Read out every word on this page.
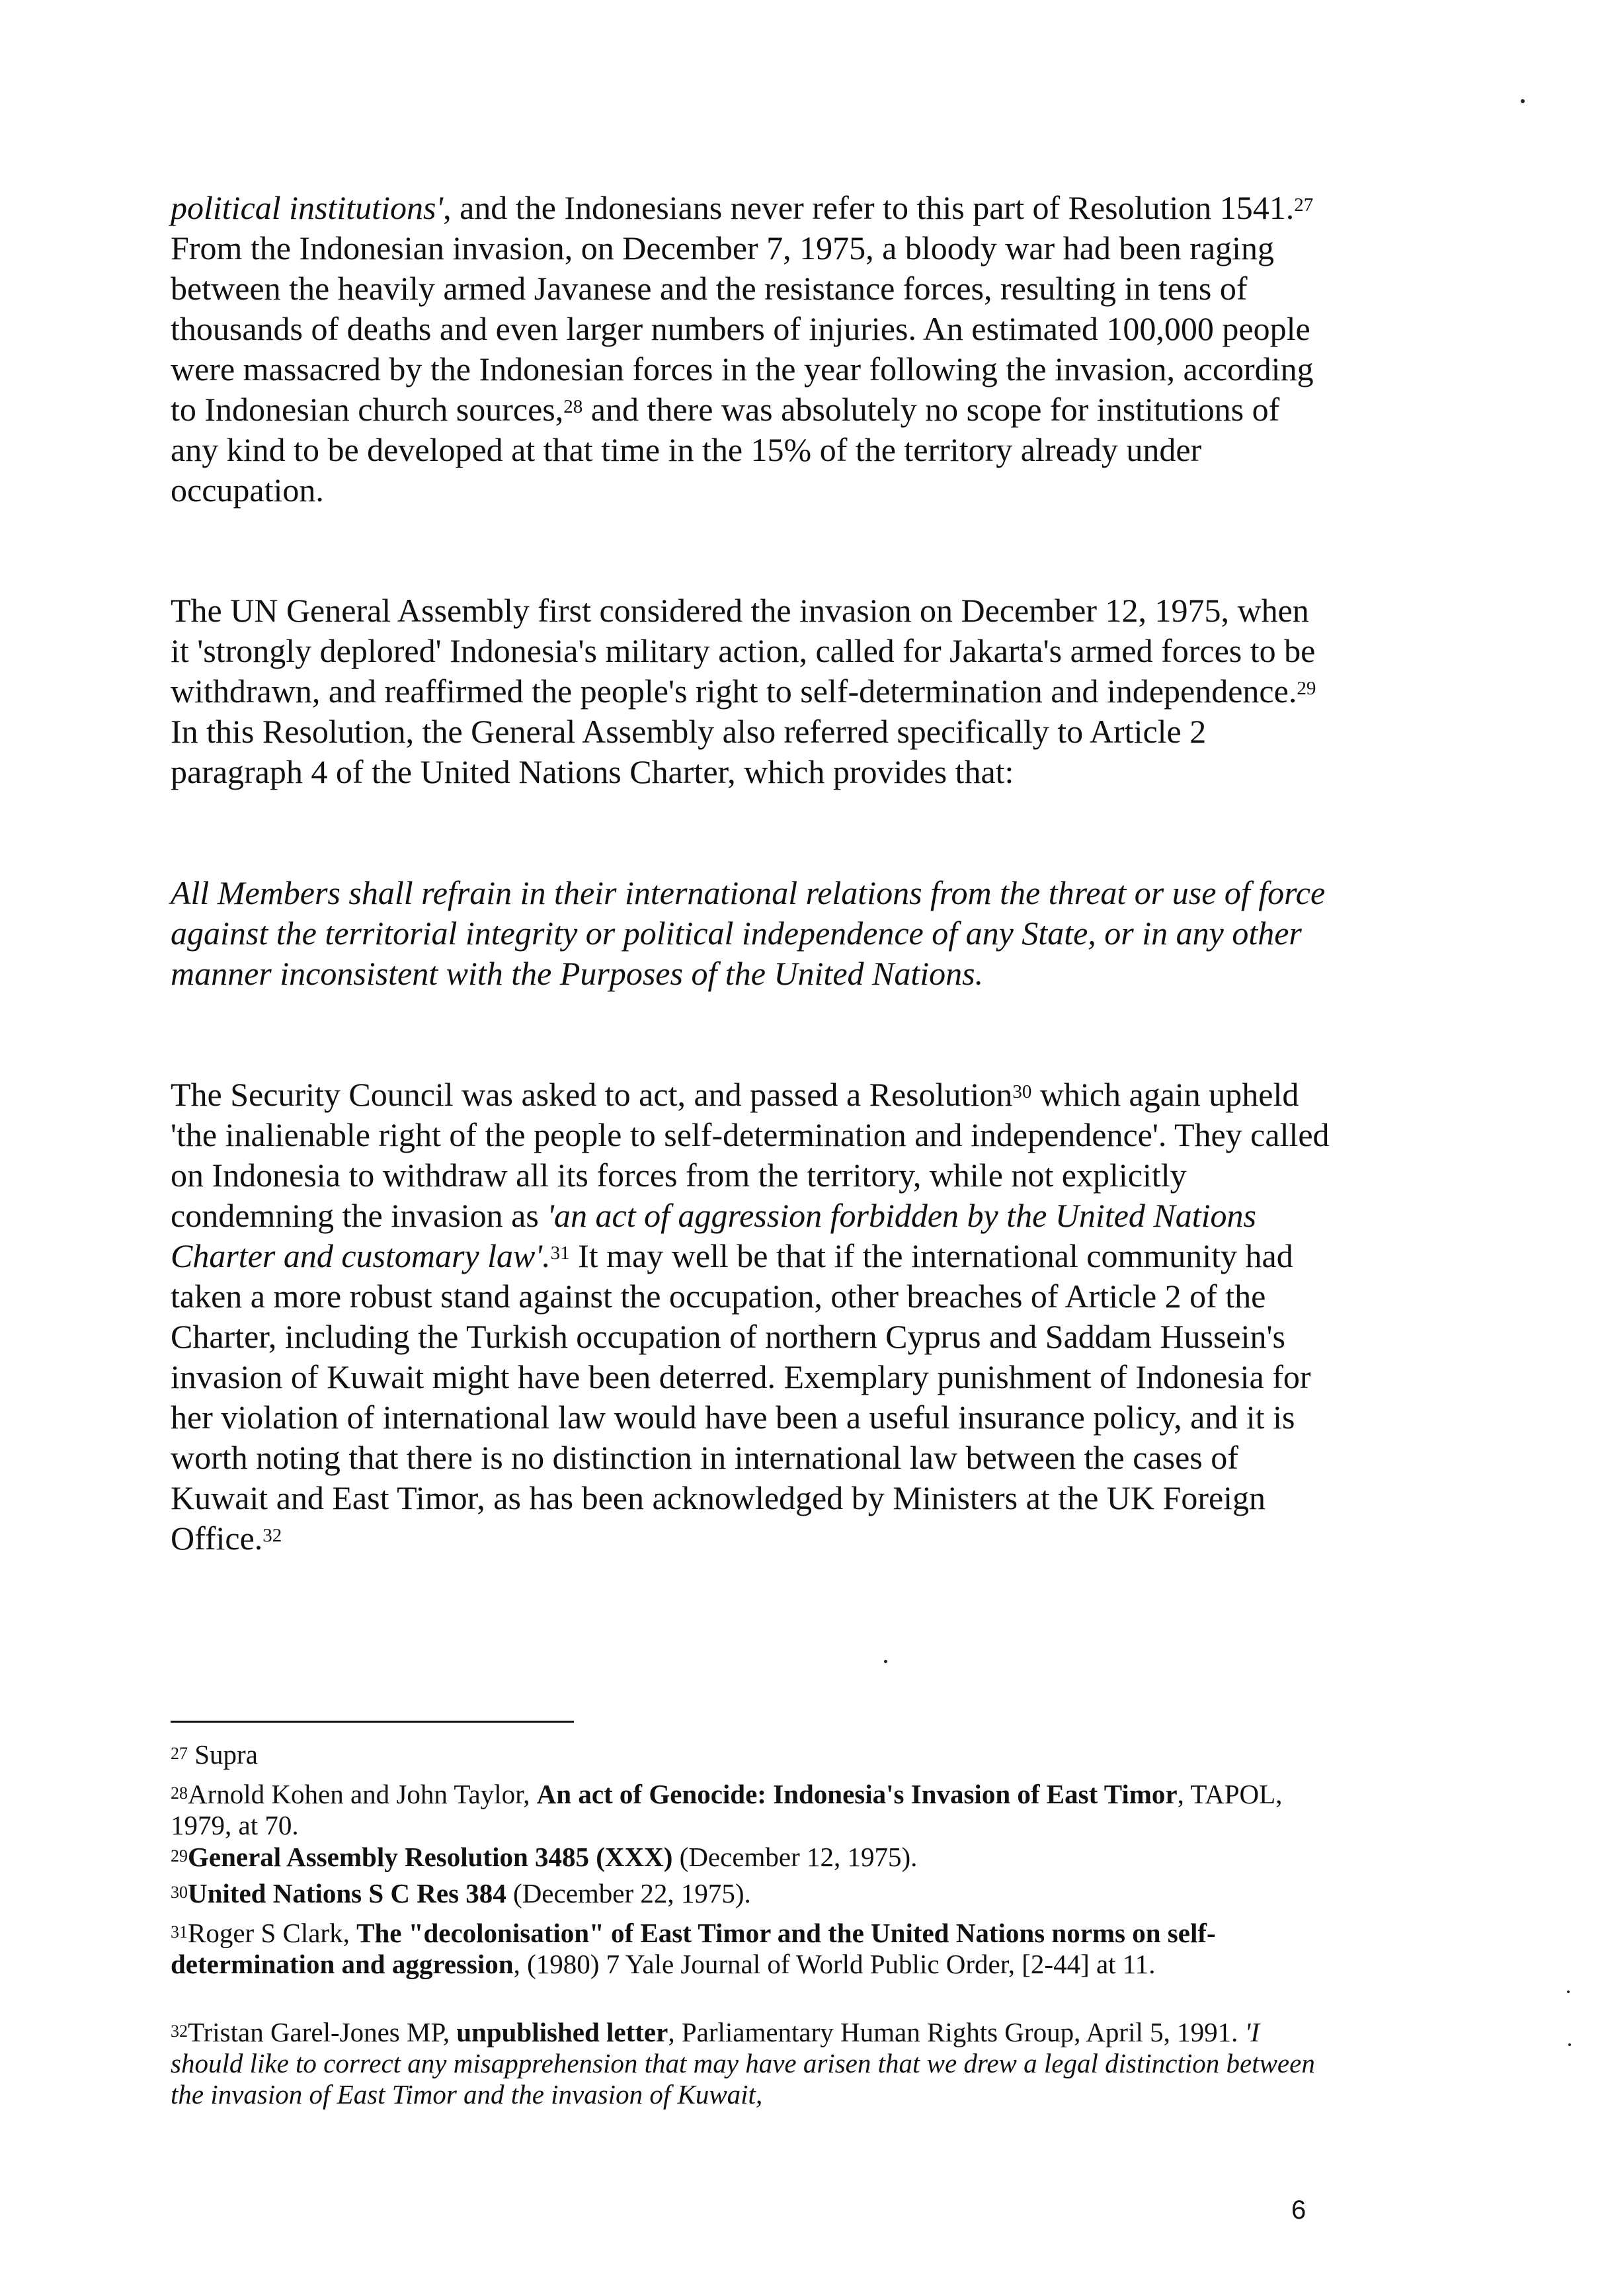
political institutions', and the Indonesians never refer to this part of Resolution 1541.27 From the Indonesian invasion, on December 7, 1975, a bloody war had been raging between the heavily armed Javanese and the resistance forces, resulting in tens of thousands of deaths and even larger numbers of injuries. An estimated 100,000 people were massacred by the Indonesian forces in the year following the invasion, according to Indonesian church sources,$^{28}$ and there was absolutely no scope for institutions of any kind to be developed at that time in the 15% of the territory already under occupation.

The UN General Assembly first considered the invasion on December 12, 1975, when it 'strongly deplored' Indonesia's military action, called for Jakarta's armed forces to be withdrawn, and reaffirmed the people's right to self-determination and independence.$^{29}$ In this Resolution, the General Assembly also referred specifically to Article 2 paragraph 4 of the United Nations Charter, which provides that:

All Members shall refrain in their international relations from the threat or use of force against the territorial integrity or political independence of any State, or in any other manner inconsistent with the Purposes of the United Nations.

The Security Council was asked to act, and passed a Resolution$^{30}$ which again upheld 'the inalienable right of the people to self-determination and independence'. They called on Indonesia to withdraw all its forces from the territory, while not explicitly condemning the invasion as 'an act of aggression forbidden by the United Nations Charter and customary law'.$^{31}$ It may well be that if the international community had taken a more robust stand against the occupation, other breaches of Article 2 of the Charter, including the Turkish occupation of northern Cyprus and Saddam Hussein's invasion of Kuwait might have been deterred. Exemplary punishment of Indonesia for her violation of international law would have been a useful insurance policy, and it is worth noting that there is no distinction in international law between the cases of Kuwait and East Timor, as has been acknowledged by Ministers at the UK Foreign Office.$^{32}$

$^{27}$ Supra

$^{28}$Arnold Kohen and John Taylor, An act of Genocide: Indonesia's Invasion of East Timor, TAPOL, 1979, at 70.

$^{29}$General Assembly Resolution 3485 (XXX) (December 12, 1975).

$^{30}$United Nations S C Res 384 (December 22, 1975).

$^{31}$Roger S Clark, The "decolonisation" of East Timor and the United Nations norms on self-determination and aggression, (1980) 7 Yale Journal of World Public Order, [2-44] at 11.

$^{32}$Tristan Garel-Jones MP, unpublished letter, Parliamentary Human Rights Group, April 5, 1991. 'I should like to correct any misapprehension that may have arisen that we drew a legal distinction between the invasion of East Timor and the invasion of Kuwait,

6
